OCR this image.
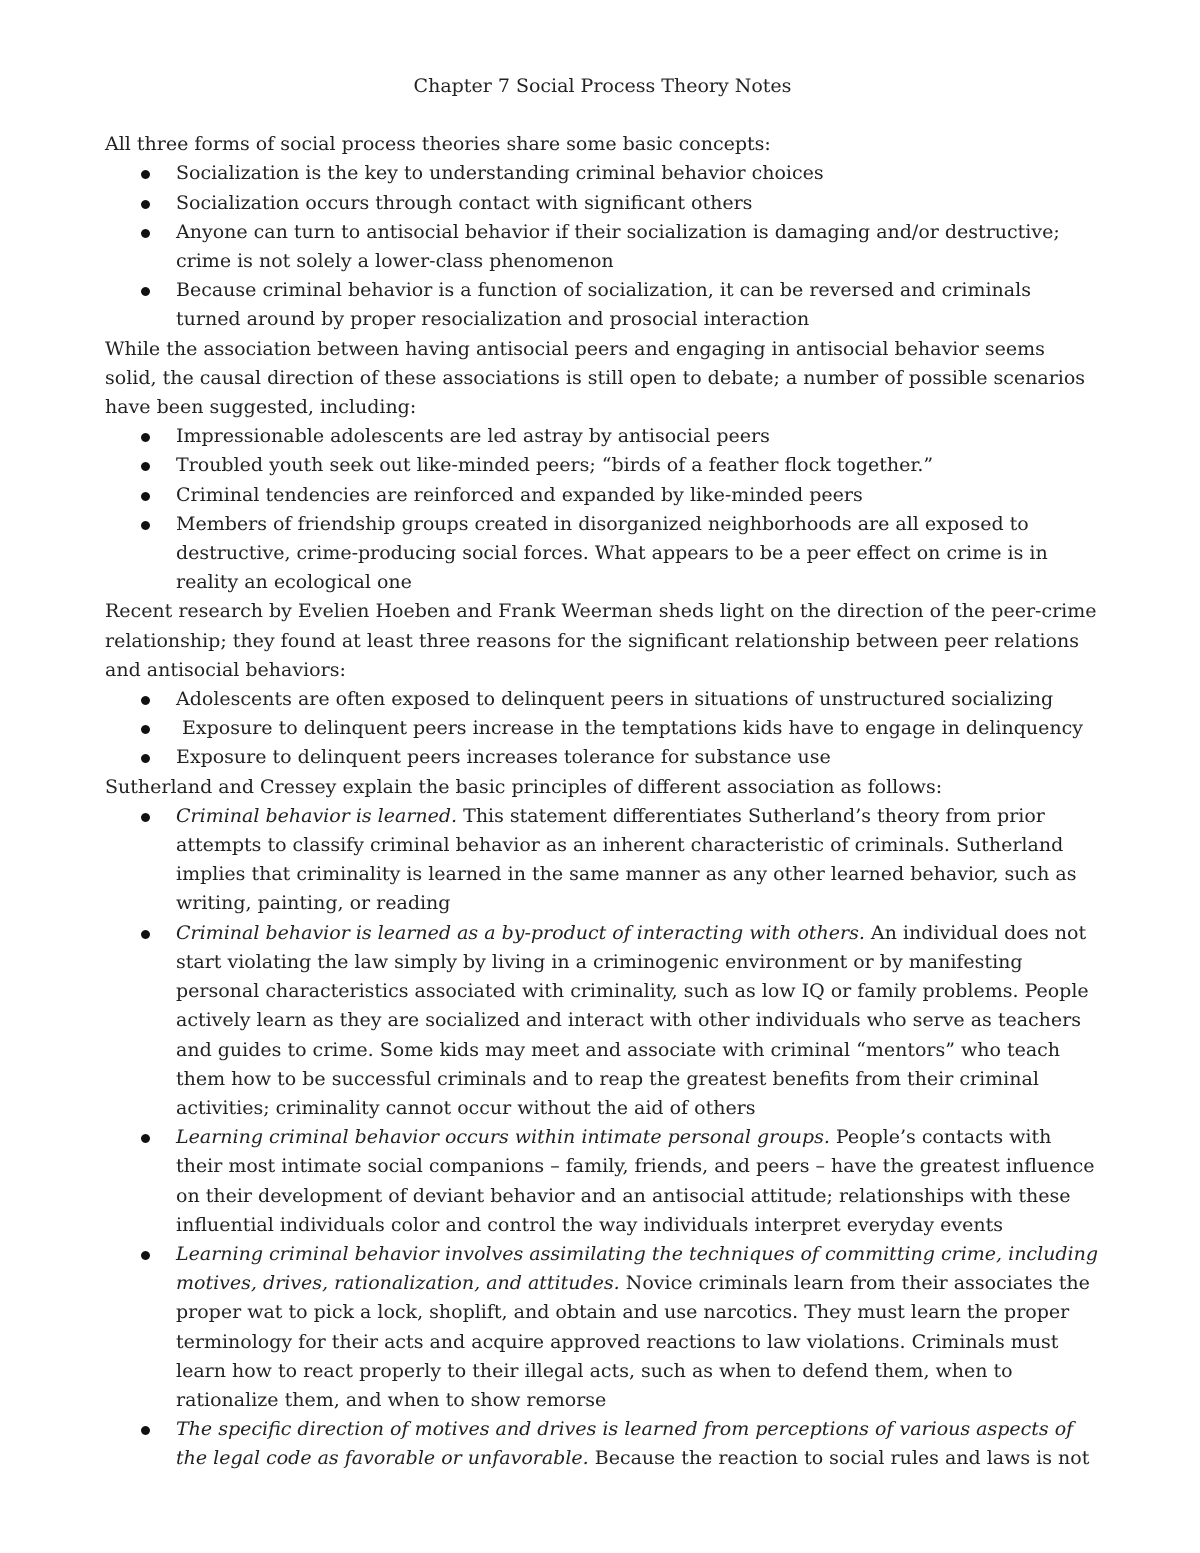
Chapter 7 Social Process Theory Notes

All three forms of social process theories share some basic concepts:

Socialization is the key to understanding criminal behavior choices
Socialization occurs through contact with significant others
Anyone can turn to antisocial behavior if their socialization is damaging and/or destructive; crime is not solely a lower-class phenomenon
Because criminal behavior is a function of socialization, it can be reversed and criminals turned around by proper resocialization and prosocial interaction

While the association between having antisocial peers and engaging in antisocial behavior seems solid, the causal direction of these associations is still open to debate; a number of possible scenarios have been suggested, including:

Impressionable adolescents are led astray by antisocial peers
Troubled youth seek out like-minded peers; “birds of a feather flock together.”
Criminal tendencies are reinforced and expanded by like-minded peers
Members of friendship groups created in disorganized neighborhoods are all exposed to destructive, crime-producing social forces. What appears to be a peer effect on crime is in reality an ecological one

Recent research by Evelien Hoeben and Frank Weerman sheds light on the direction of the peer-crime relationship; they found at least three reasons for the significant relationship between peer relations and antisocial behaviors:

Adolescents are often exposed to delinquent peers in situations of unstructured socializing
Exposure to delinquent peers increase in the temptations kids have to engage in delinquency
Exposure to delinquent peers increases tolerance for substance use

Sutherland and Cressey explain the basic principles of different association as follows:

Criminal behavior is learned. This statement differentiates Sutherland’s theory from prior attempts to classify criminal behavior as an inherent characteristic of criminals. Sutherland implies that criminality is learned in the same manner as any other learned behavior, such as writing, painting, or reading
Criminal behavior is learned as a by-product of interacting with others. An individual does not start violating the law simply by living in a criminogenic environment or by manifesting personal characteristics associated with criminality, such as low IQ or family problems. People actively learn as they are socialized and interact with other individuals who serve as teachers and guides to crime. Some kids may meet and associate with criminal “mentors” who teach them how to be successful criminals and to reap the greatest benefits from their criminal activities; criminality cannot occur without the aid of others
Learning criminal behavior occurs within intimate personal groups. People’s contacts with their most intimate social companions – family, friends, and peers – have the greatest influence on their development of deviant behavior and an antisocial attitude; relationships with these influential individuals color and control the way individuals interpret everyday events
Learning criminal behavior involves assimilating the techniques of committing crime, including motives, drives, rationalization, and attitudes. Novice criminals learn from their associates the proper wat to pick a lock, shoplift, and obtain and use narcotics. They must learn the proper terminology for their acts and acquire approved reactions to law violations. Criminals must learn how to react properly to their illegal acts, such as when to defend them, when to rationalize them, and when to show remorse
The specific direction of motives and drives is learned from perceptions of various aspects of the legal code as favorable or unfavorable. Because the reaction to social rules and laws is not
